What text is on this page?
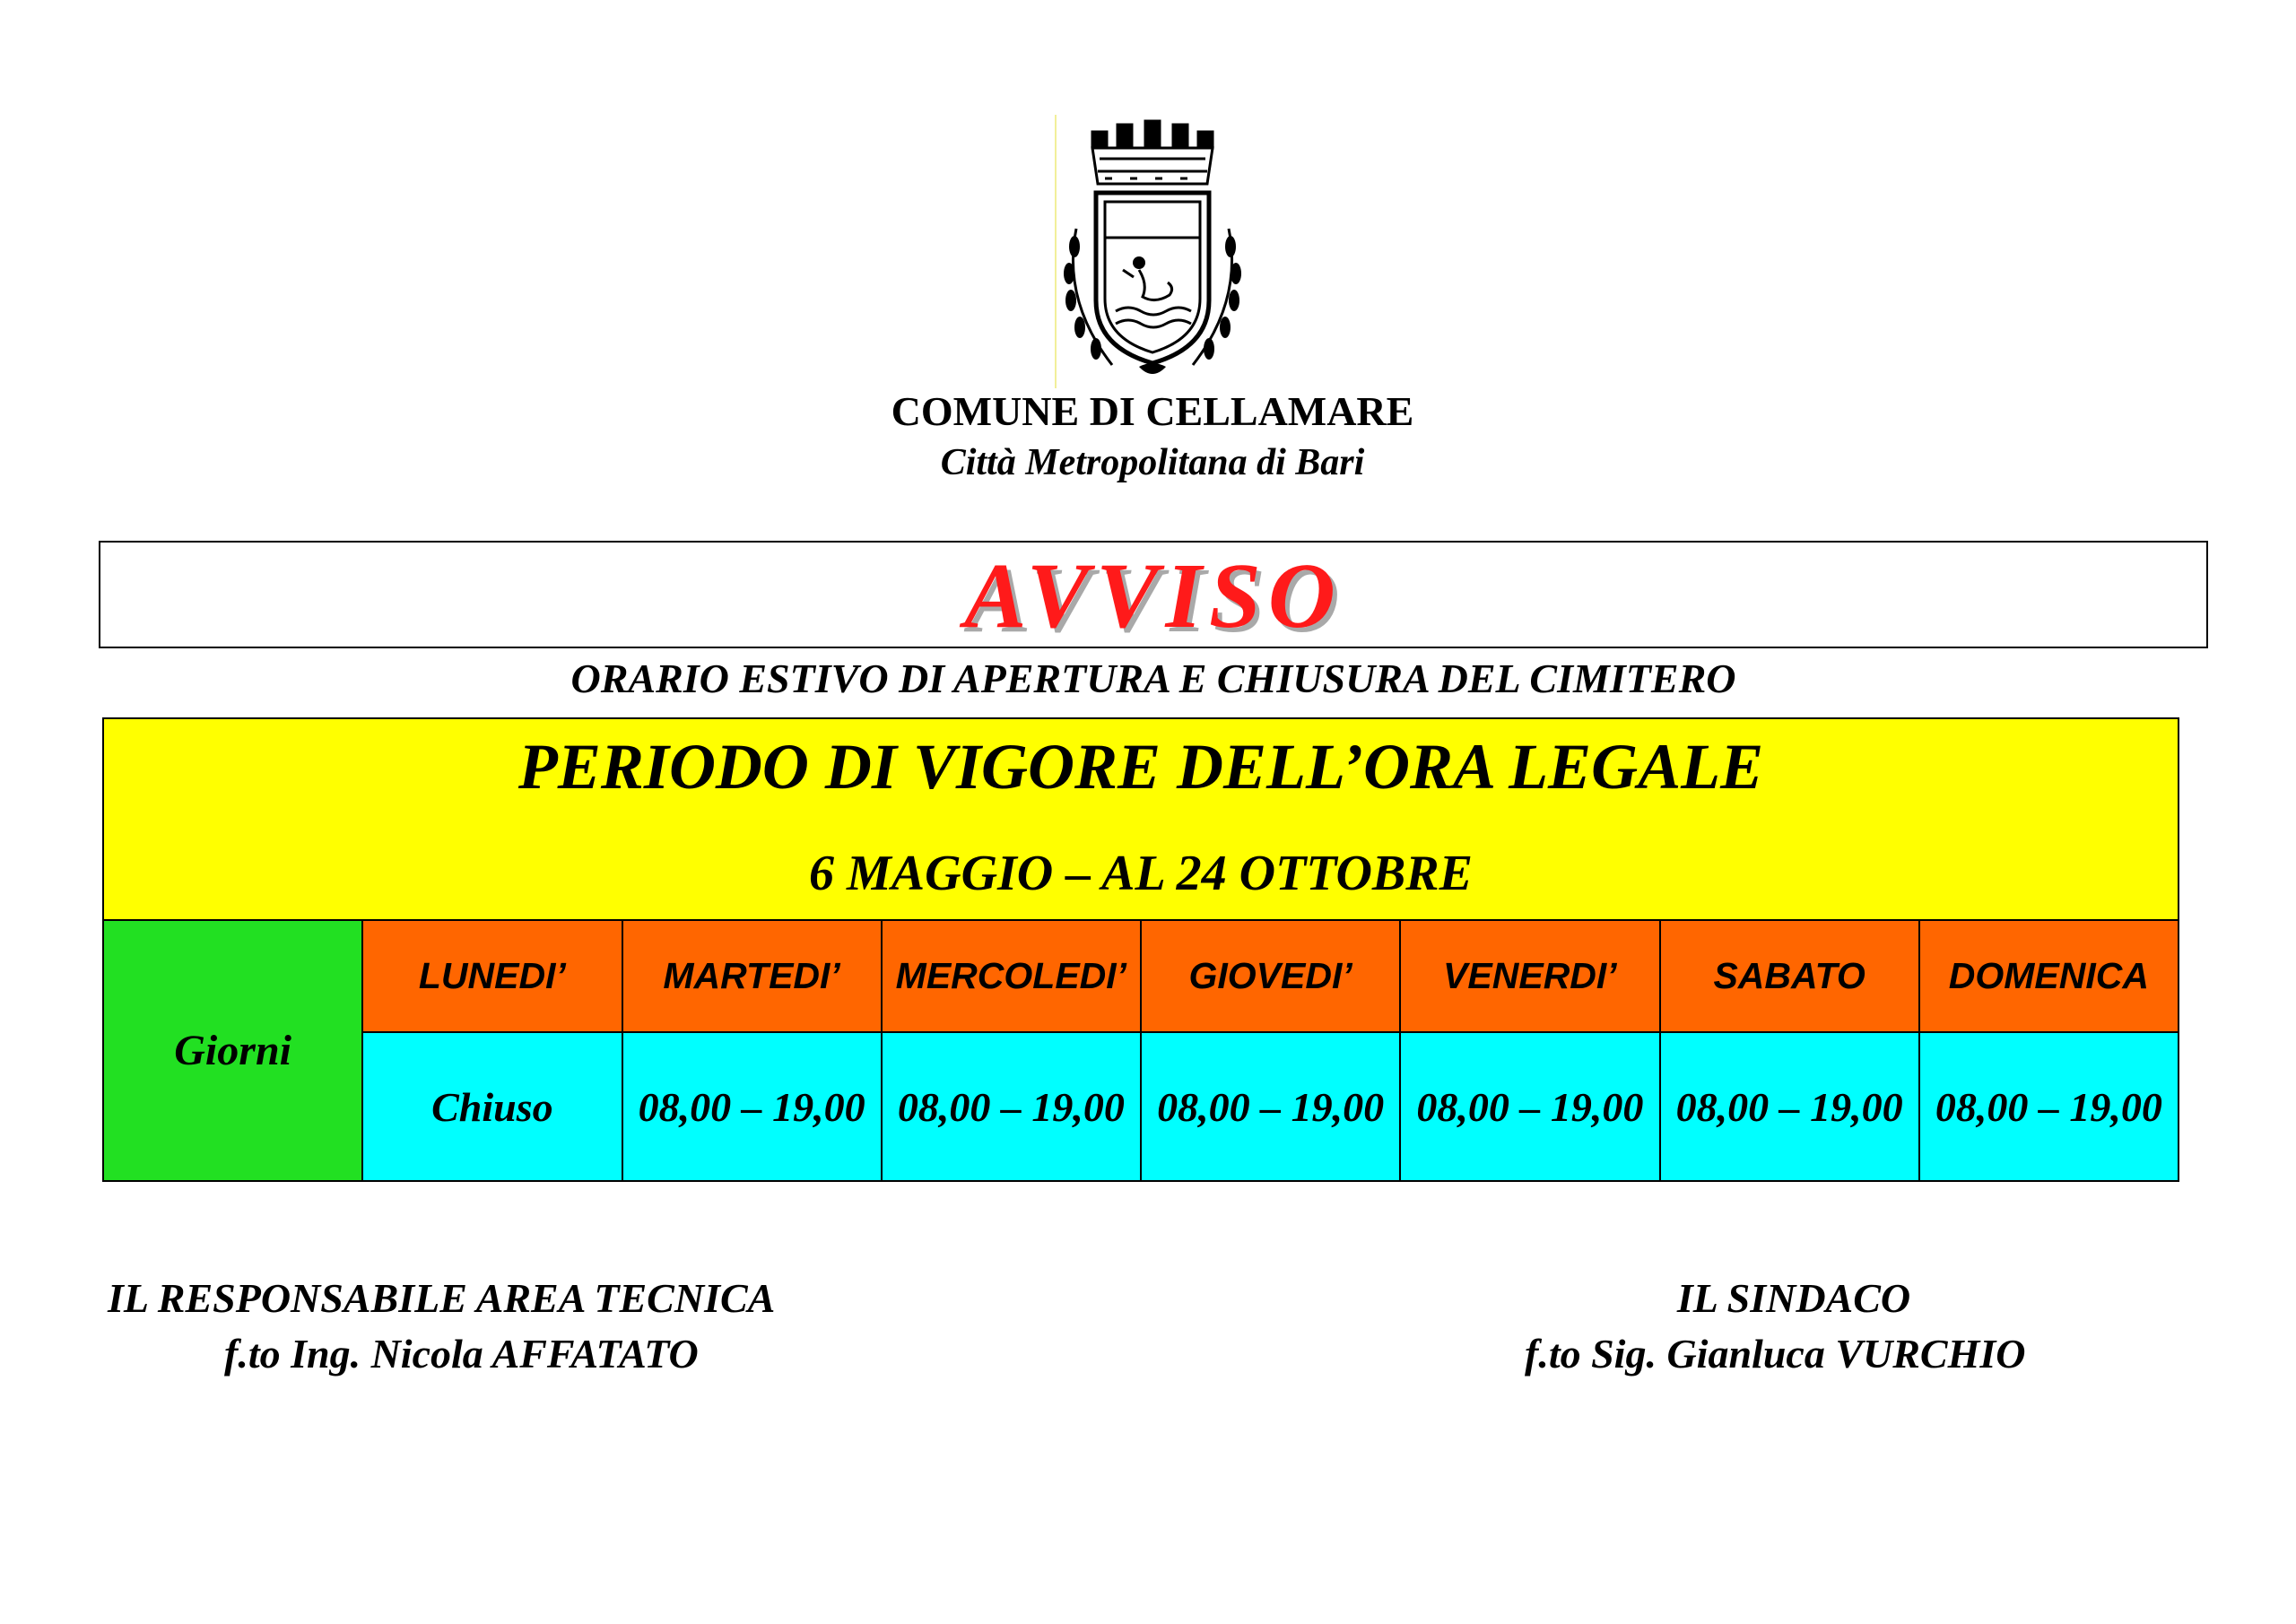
COMUNE DI CELLAMARE
Città Metropolitana di Bari
AVVISO
ORARIO ESTIVO DI APERTURA E CHIUSURA DEL CIMITERO
PERIODO DI VIGORE DELL’ORA LEGALE
6 MAGGIO – AL 24 OTTOBRE
Giorni	LUNEDI’	MARTEDI’	MERCOLEDI’	GIOVEDI’	VENERDI’	SABATO	DOMENICA
	Chiuso	08,00 – 19,00	08,00 – 19,00	08,00 – 19,00	08,00 – 19,00	08,00 – 19,00	08,00 – 19,00
IL RESPONSABILE AREA TECNICA
f.to Ing. Nicola AFFATATO
IL SINDACO
f.to Sig. Gianluca VURCHIO
